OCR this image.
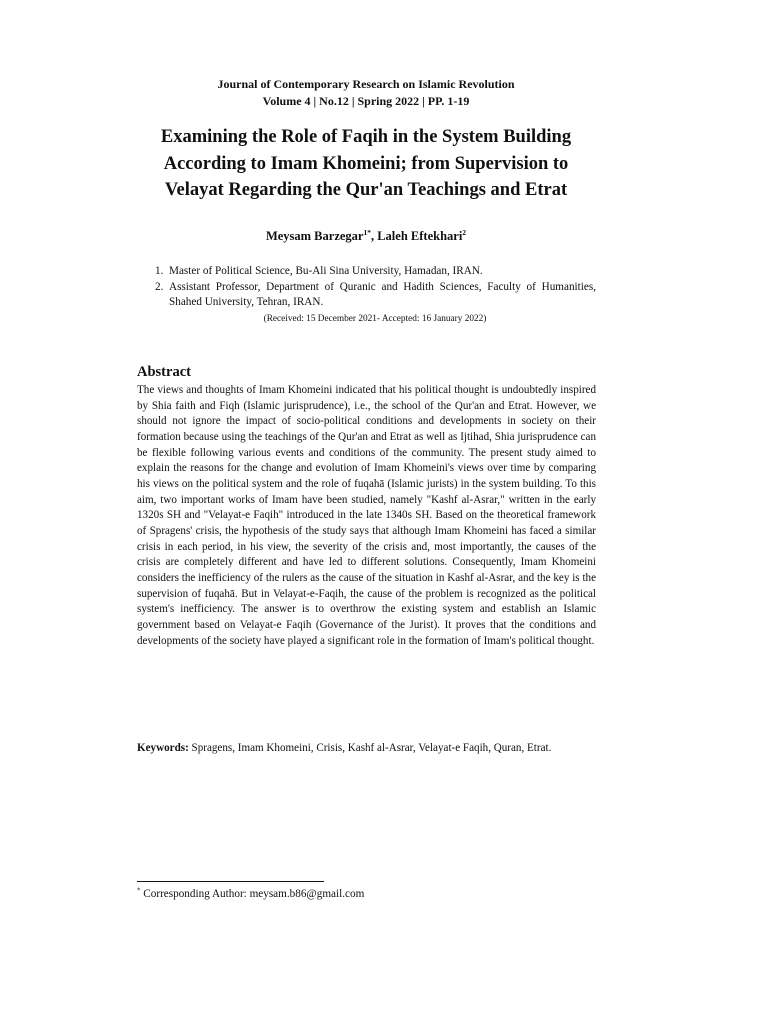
Journal of Contemporary Research on Islamic Revolution
Volume 4 | No.12 | Spring 2022 | PP. 1-19
Examining the Role of Faqih in the System Building According to Imam Khomeini; from Supervision to Velayat Regarding the Qur'an Teachings and Etrat
Meysam Barzegar$^{1*}$, Laleh Eftekhari$^2$
1. Master of Political Science, Bu-Ali Sina University, Hamadan, IRAN.
2. Assistant Professor, Department of Quranic and Hadith Sciences, Faculty of Humanities, Shahed University, Tehran, IRAN.
(Received: 15 December 2021- Accepted: 16 January 2022)
Abstract

The views and thoughts of Imam Khomeini indicated that his political thought is undoubtedly inspired by Shia faith and Fiqh (Islamic jurisprudence), i.e., the school of the Qur'an and Etrat. However, we should not ignore the impact of socio-political conditions and developments in society on their formation because using the teachings of the Qur'an and Etrat as well as Ijtihad, Shia jurisprudence can be flexible following various events and conditions of the community. The present study aimed to explain the reasons for the change and evolution of Imam Khomeini's views over time by comparing his views on the political system and the role of fuqahā (Islamic jurists) in the system building. To this aim, two important works of Imam have been studied, namely "Kashf al-Asrar," written in the early 1320s SH and "Velayat-e Faqih" introduced in the late 1340s SH. Based on the theoretical framework of Spragens' crisis, the hypothesis of the study says that although Imam Khomeini has faced a similar crisis in each period, in his view, the severity of the crisis and, most importantly, the causes of the crisis are completely different and have led to different solutions. Consequently, Imam Khomeini considers the inefficiency of the rulers as the cause of the situation in Kashf al-Asrar, and the key is the supervision of fuqahā. But in Velayat-e-Faqih, the cause of the problem is recognized as the political system's inefficiency. The answer is to overthrow the existing system and establish an Islamic government based on Velayat-e Faqih (Governance of the Jurist). It proves that the conditions and developments of the society have played a significant role in the formation of Imam's political thought.

Keywords: Spragens, Imam Khomeini, Crisis, Kashf al-Asrar, Velayat-e Faqih, Quran, Etrat.
* Corresponding Author: meysam.b86@gmail.com
